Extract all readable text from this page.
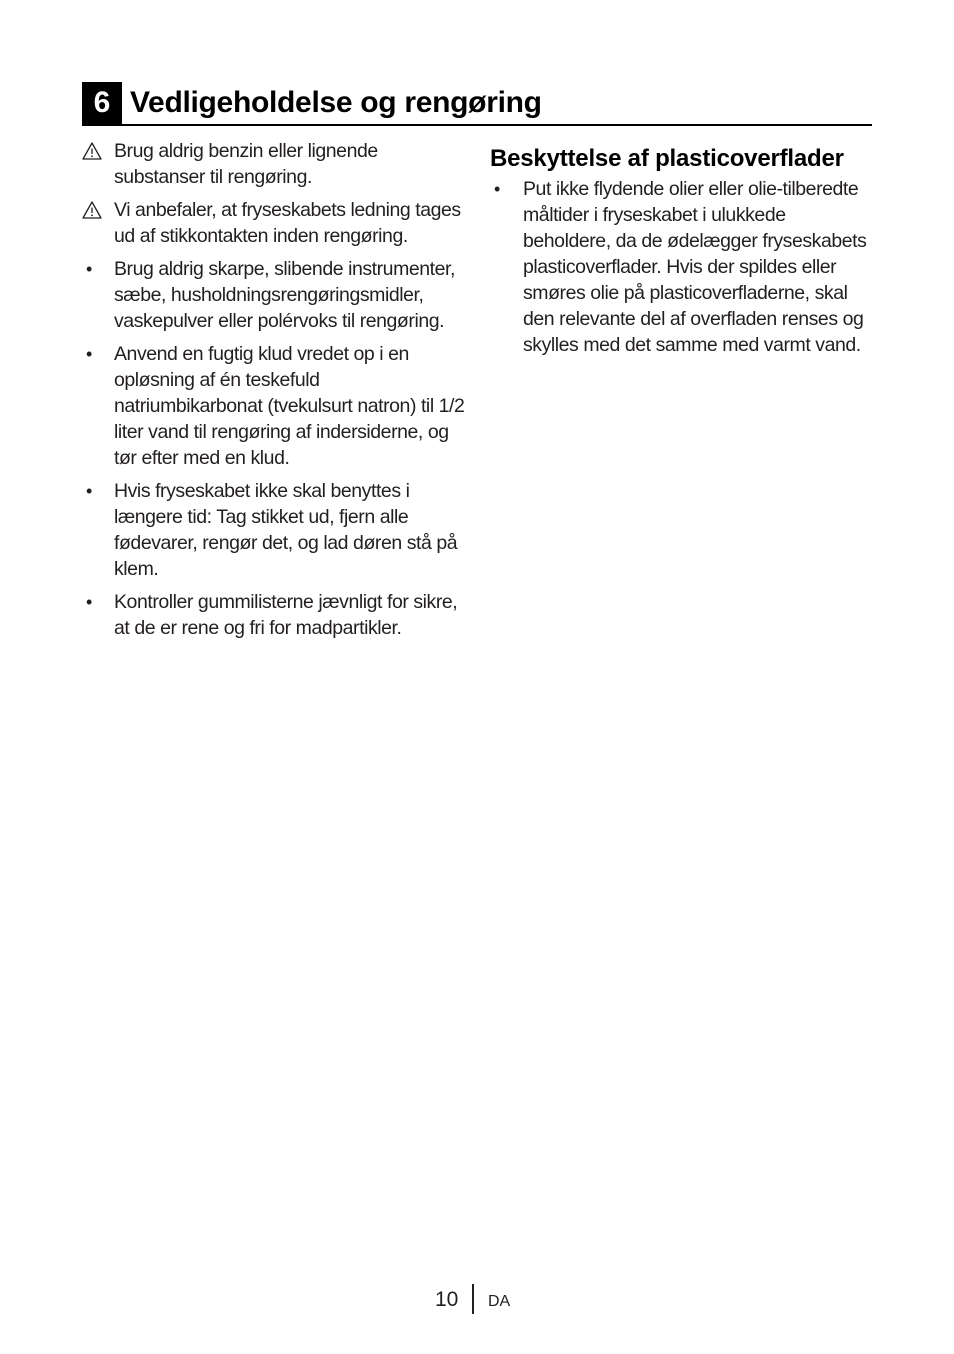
6 Vedligeholdelse og rengøring
Brug aldrig benzin eller lignende substanser til rengøring.
Vi anbefaler, at fryseskabets ledning tages ud af stikkontakten inden rengøring.
•	Brug aldrig skarpe, slibende instrumenter, sæbe, husholdningsrengøringsmidler, vaskepulver eller polérvoks til rengøring.
•	Anvend en fugtig klud vredet op i en opløsning af én teskefuld natriumbikarbonat (tvekulsurt natron) til 1/2 liter vand til rengøring af indersiderne, og tør efter med en klud.
•	Hvis fryseskabet ikke skal benyttes i længere tid: Tag stikket ud, fjern alle fødevarer, rengør det, og lad døren stå på klem.
•	Kontroller gummilisterne jævnligt for sikre, at de er rene og fri for madpartikler.
Beskyttelse af plasticoverflader
•	Put ikke flydende olier eller olie-tilberedte måltider i fryseskabet i ulukkede beholdere, da de ødelægger fryseskabets plasticoverflader. Hvis der spildes eller smøres olie på plasticoverfladerne, skal den relevante del af overfladen renses og skylles med det samme med varmt vand.
10 DA
